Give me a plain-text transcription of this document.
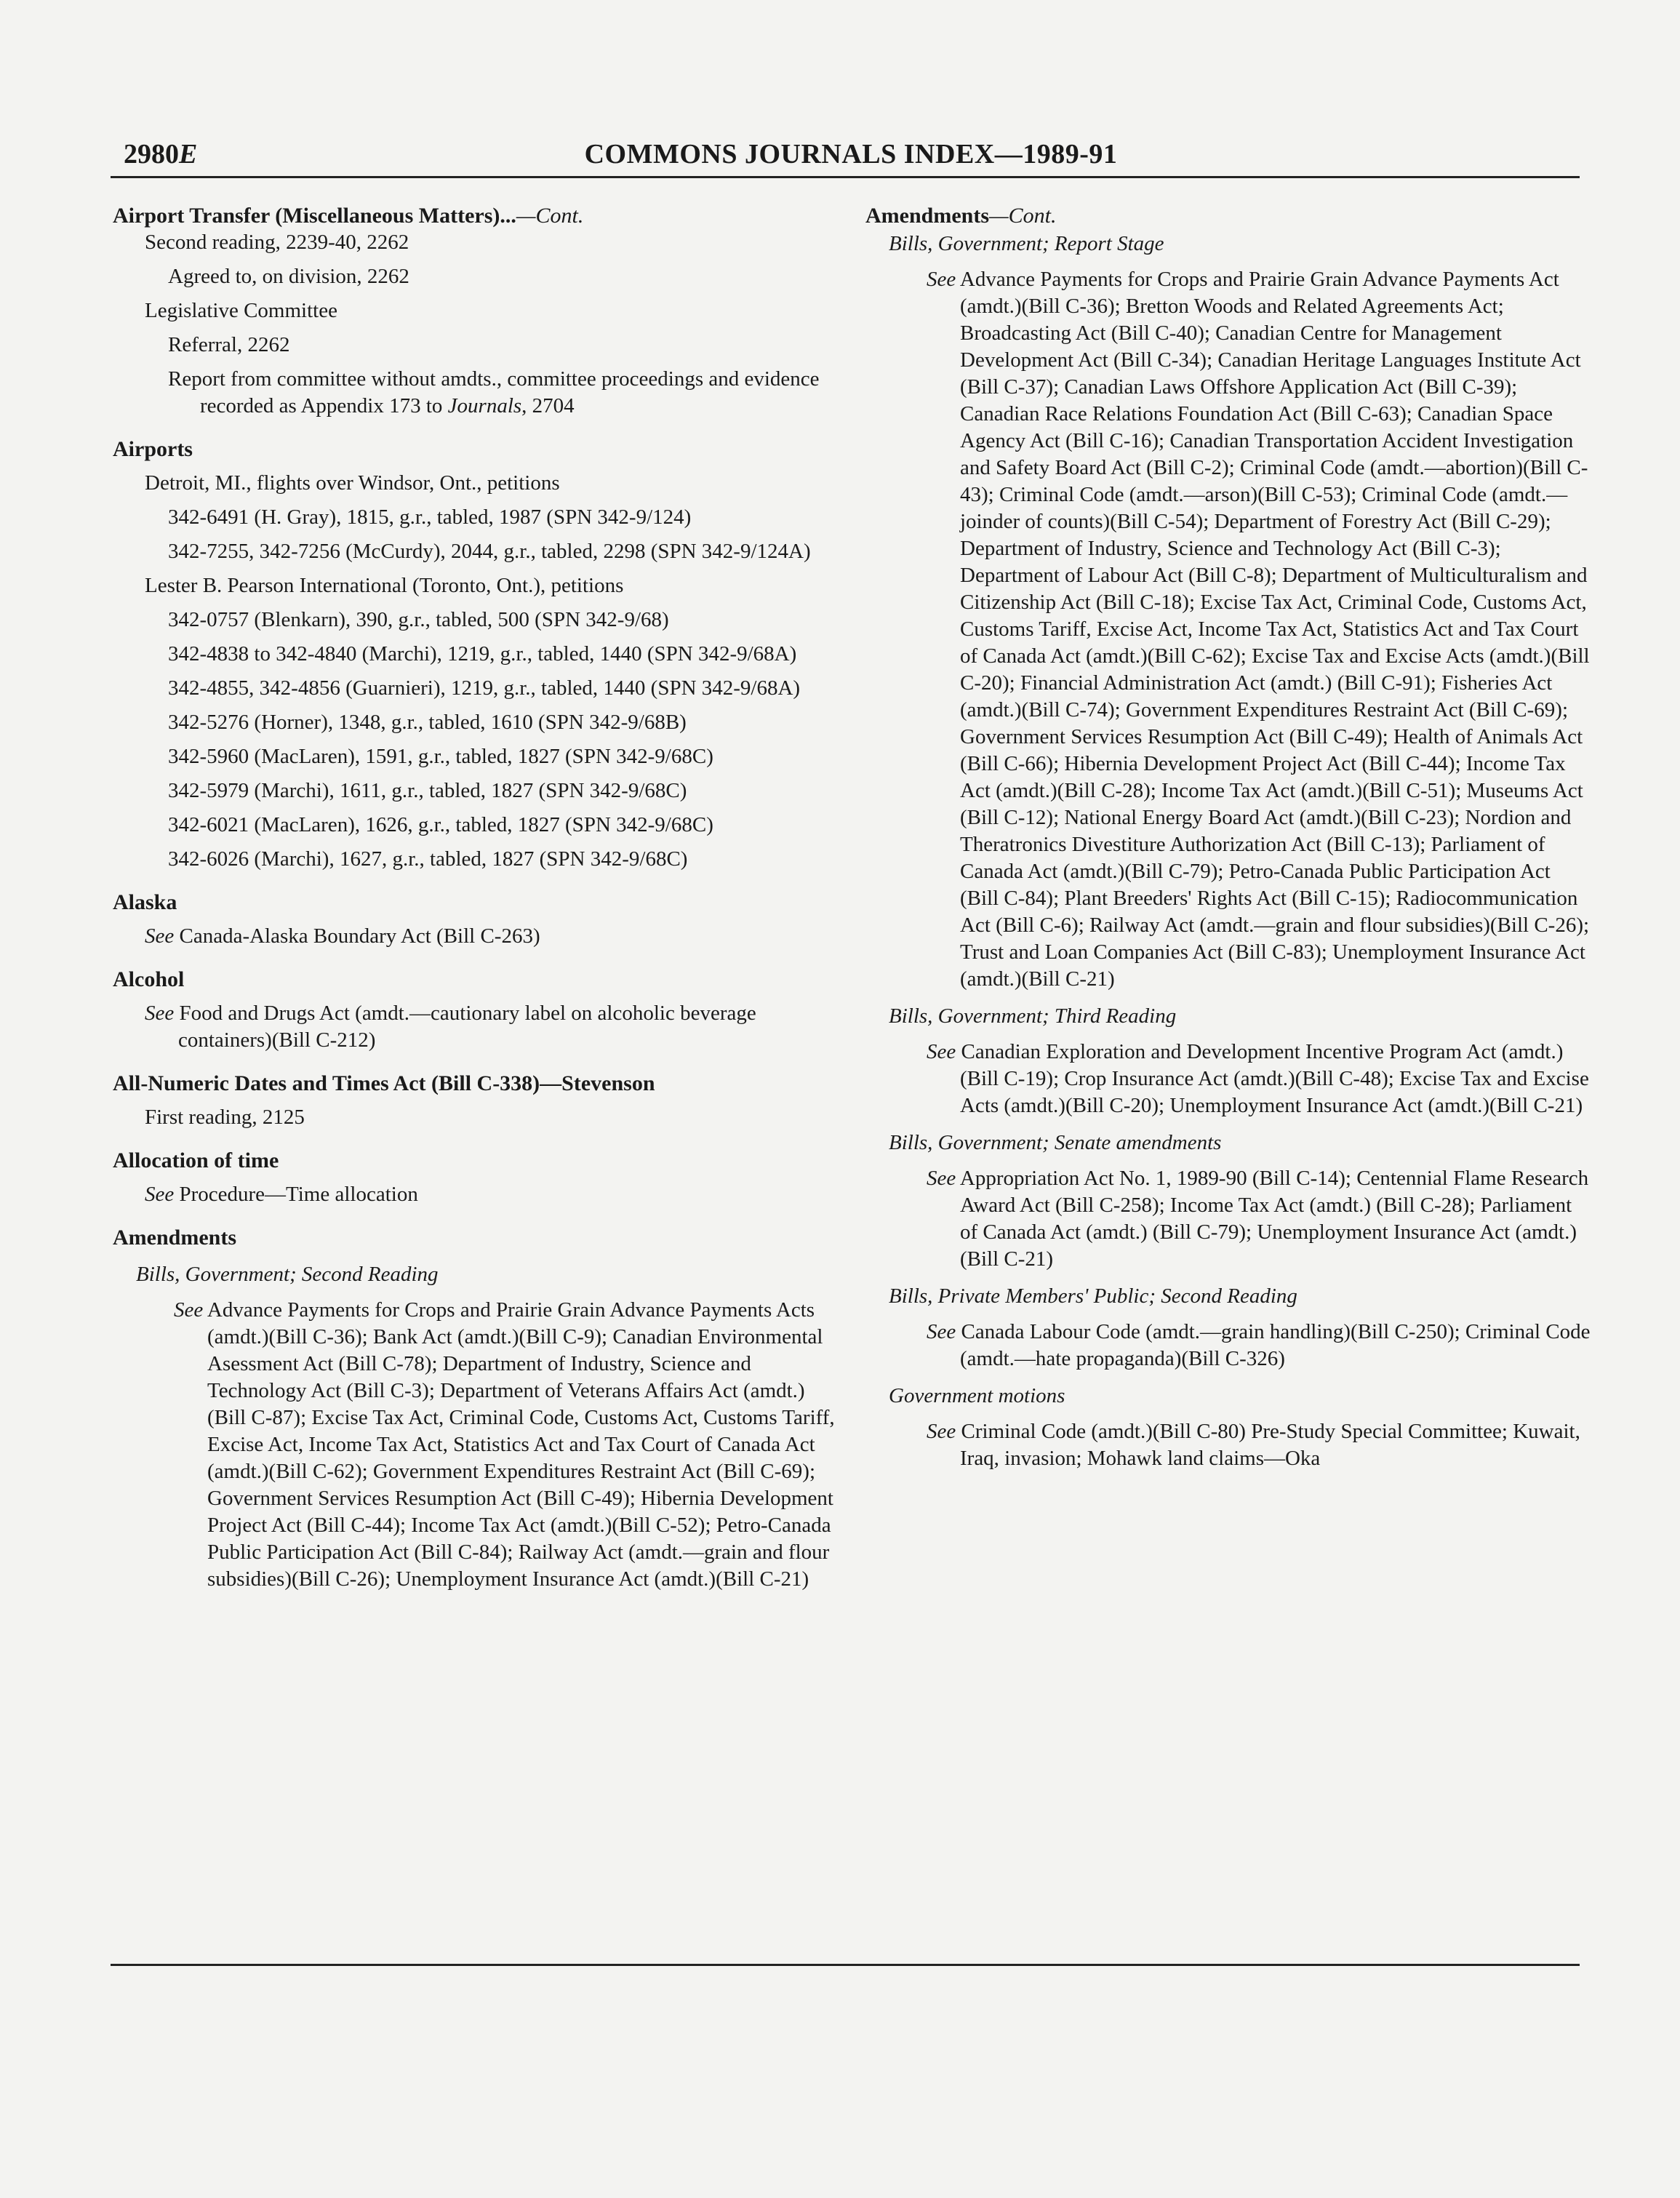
2980E	COMMONS JOURNALS INDEX—1989-91
Airport Transfer (Miscellaneous Matters)...—Cont.
Second reading, 2239-40, 2262
Agreed to, on division, 2262
Legislative Committee
Referral, 2262
Report from committee without amdts., committee proceedings and evidence recorded as Appendix 173 to Journals, 2704
Airports
Detroit, MI., flights over Windsor, Ont., petitions
342-6491 (H. Gray), 1815, g.r., tabled, 1987 (SPN 342-9/124)
342-7255, 342-7256 (McCurdy), 2044, g.r., tabled, 2298 (SPN 342-9/124A)
Lester B. Pearson International (Toronto, Ont.), petitions
342-0757 (Blenkarn), 390, g.r., tabled, 500 (SPN 342-9/68)
342-4838 to 342-4840 (Marchi), 1219, g.r., tabled, 1440 (SPN 342-9/68A)
342-4855, 342-4856 (Guarnieri), 1219, g.r., tabled, 1440 (SPN 342-9/68A)
342-5276 (Horner), 1348, g.r., tabled, 1610 (SPN 342-9/68B)
342-5960 (MacLaren), 1591, g.r., tabled, 1827 (SPN 342-9/68C)
342-5979 (Marchi), 1611, g.r., tabled, 1827 (SPN 342-9/68C)
342-6021 (MacLaren), 1626, g.r., tabled, 1827 (SPN 342-9/68C)
342-6026 (Marchi), 1627, g.r., tabled, 1827 (SPN 342-9/68C)
Alaska
See Canada-Alaska Boundary Act (Bill C-263)
Alcohol
See Food and Drugs Act (amdt.—cautionary label on alcoholic beverage containers)(Bill C-212)
All-Numeric Dates and Times Act (Bill C-338)—Stevenson
First reading, 2125
Allocation of time
See Procedure—Time allocation
Amendments
Bills, Government; Second Reading
See Advance Payments for Crops and Prairie Grain Advance Payments Acts (amdt.)(Bill C-36); Bank Act (amdt.)(Bill C-9); Canadian Environmental Asessment Act (Bill C-78); Department of Industry, Science and Technology Act (Bill C-3); Department of Veterans Affairs Act (amdt.)(Bill C-87); Excise Tax Act, Criminal Code, Customs Act, Customs Tariff, Excise Act, Income Tax Act, Statistics Act and Tax Court of Canada Act (amdt.)(Bill C-62); Government Expenditures Restraint Act (Bill C-69); Government Services Resumption Act (Bill C-49); Hibernia Development Project Act (Bill C-44); Income Tax Act (amdt.)(Bill C-52); Petro-Canada Public Participation Act (Bill C-84); Railway Act (amdt.—grain and flour subsidies)(Bill C-26); Unemployment Insurance Act (amdt.)(Bill C-21)
Amendments—Cont.
Bills, Government; Report Stage
See Advance Payments for Crops and Prairie Grain Advance Payments Act (amdt.)(Bill C-36); Bretton Woods and Related Agreements Act; Broadcasting Act (Bill C-40); Canadian Centre for Management Development Act (Bill C-34); Canadian Heritage Languages Institute Act (Bill C-37); Canadian Laws Offshore Application Act (Bill C-39); Canadian Race Relations Foundation Act (Bill C-63); Canadian Space Agency Act (Bill C-16); Canadian Transportation Accident Investigation and Safety Board Act (Bill C-2); Criminal Code (amdt.—abortion)(Bill C-43); Criminal Code (amdt.—arson)(Bill C-53); Criminal Code (amdt.—joinder of counts)(Bill C-54); Department of Forestry Act (Bill C-29); Department of Industry, Science and Technology Act (Bill C-3); Department of Labour Act (Bill C-8); Department of Multiculturalism and Citizenship Act (Bill C-18); Excise Tax Act, Criminal Code, Customs Act, Customs Tariff, Excise Act, Income Tax Act, Statistics Act and Tax Court of Canada Act (amdt.)(Bill C-62); Excise Tax and Excise Acts (amdt.)(Bill C-20); Financial Administration Act (amdt.) (Bill C-91); Fisheries Act (amdt.)(Bill C-74); Government Expenditures Restraint Act (Bill C-69); Government Services Resumption Act (Bill C-49); Health of Animals Act (Bill C-66); Hibernia Development Project Act (Bill C-44); Income Tax Act (amdt.)(Bill C-28); Income Tax Act (amdt.)(Bill C-51); Museums Act (Bill C-12); National Energy Board Act (amdt.)(Bill C-23); Nordion and Theratronics Divestiture Authorization Act (Bill C-13); Parliament of Canada Act (amdt.)(Bill C-79); Petro-Canada Public Participation Act (Bill C-84); Plant Breeders' Rights Act (Bill C-15); Radiocommunication Act (Bill C-6); Railway Act (amdt.—grain and flour subsidies)(Bill C-26); Trust and Loan Companies Act (Bill C-83); Unemployment Insurance Act (amdt.)(Bill C-21)
Bills, Government; Third Reading
See Canadian Exploration and Development Incentive Program Act (amdt.)(Bill C-19); Crop Insurance Act (amdt.)(Bill C-48); Excise Tax and Excise Acts (amdt.)(Bill C-20); Unemployment Insurance Act (amdt.)(Bill C-21)
Bills, Government; Senate amendments
See Appropriation Act No. 1, 1989-90 (Bill C-14); Centennial Flame Research Award Act (Bill C-258); Income Tax Act (amdt.) (Bill C-28); Parliament of Canada Act (amdt.) (Bill C-79); Unemployment Insurance Act (amdt.) (Bill C-21)
Bills, Private Members' Public; Second Reading
See Canada Labour Code (amdt.—grain handling)(Bill C-250); Criminal Code (amdt.—hate propaganda)(Bill C-326)
Government motions
See Criminal Code (amdt.)(Bill C-80) Pre-Study Special Committee; Kuwait, Iraq, invasion; Mohawk land claims—Oka
